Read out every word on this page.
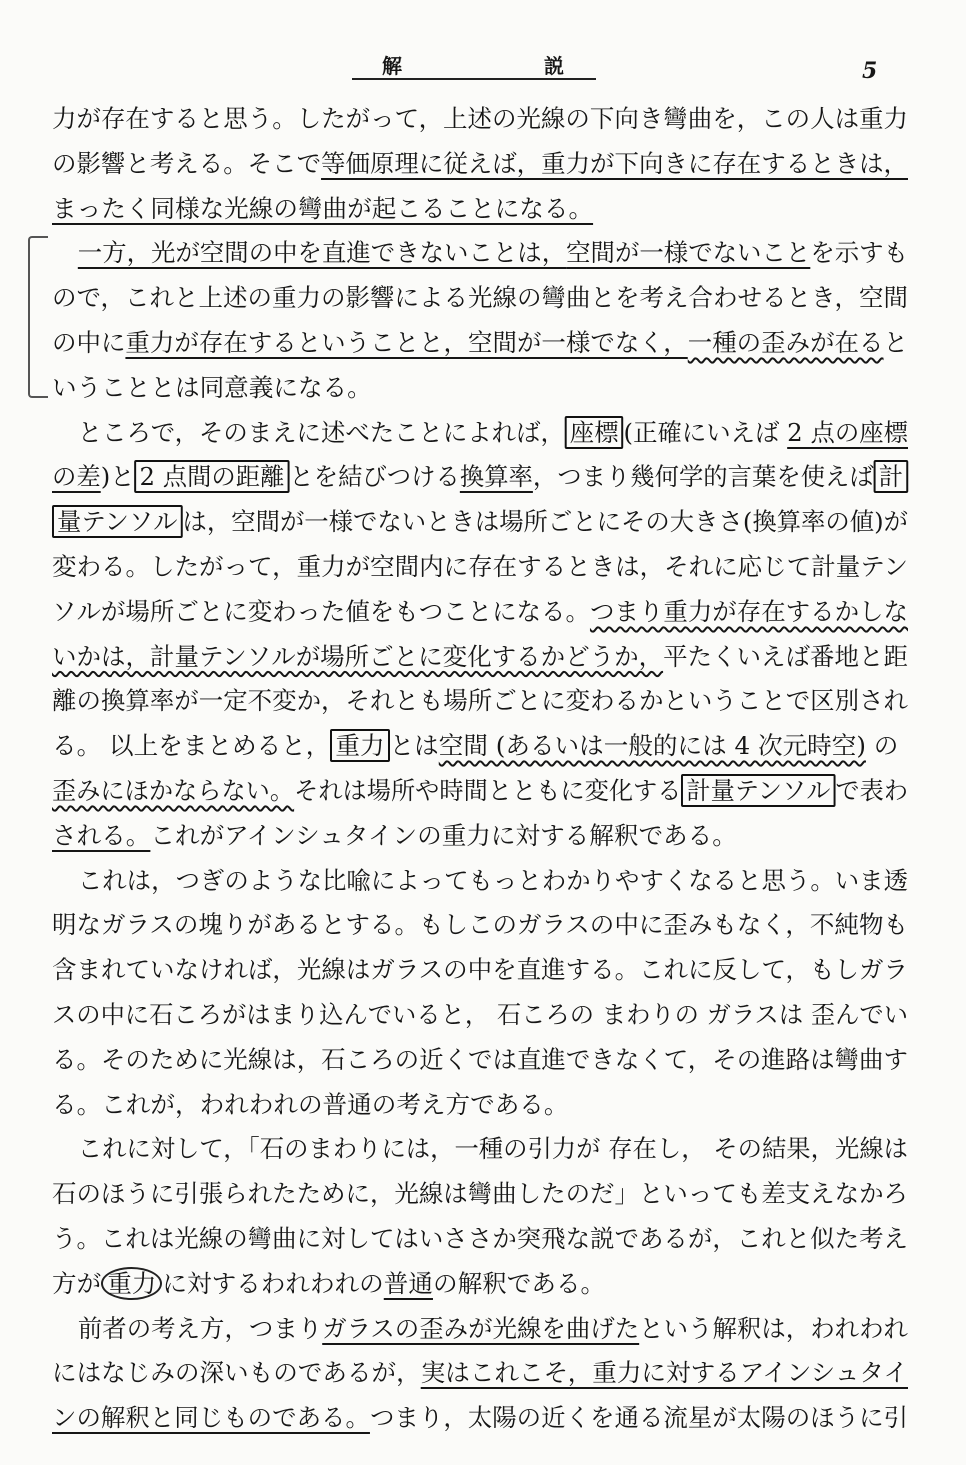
解	説	5
力が存在すると思う。したがって，上述の光線の下向き彎曲を，この人は重力
の影響と考える。そこで等価原理に従えば，重力が下向きに存在するときは，
まったく同様な光線の彎曲が起こることになる。
一方，光が空間の中を直進できないことは，空間が一様でないことを示すも
ので，これと上述の重力の影響による光線の彎曲とを考え合わせるとき，空間
の中に重力が存在するということと，空間が一様でなく，一種の歪みが在ると
いうこととは同意義になる。
ところで，そのまえに述べたことによれば， 座標 (正確にいえば 2 点の座標
の差)と 2 点間の距離 とを結びつける換算率，つまり幾何学的言葉を使えば 計
量テンソル は，空間が一様でないときは場所ごとにその大きさ(換算率の値)が
変わる。したがって，重力が空間内に存在するときは，それに応じて計量テン
ソルが場所ごとに変わった値をもつことになる。つまり重力が存在するかしな
いかは，計量テンソルが場所ごとに変化するかどうか，平たくいえば番地と距
離の換算率が一定不変か，それとも場所ごとに変わるかということで区別され
る。 以上をまとめると， 重力 とは空間 (あるいは一般的には 4 次元時空) の
歪みにほかならない。それは場所や時間とともに変化する 計量テンソル で表わ
される。これがアインシュタインの重力に対する解釈である。
これは，つぎのような比喩によってもっとわかりやすくなると思う。いま透
明なガラスの塊りがあるとする。もしこのガラスの中に歪みもなく，不純物も
含まれていなければ，光線はガラスの中を直進する。これに反して，もしガラ
スの中に石ころがはまり込んでいると， 石ころの まわりの ガラスは 歪んでい
る。そのために光線は，石ころの近くでは直進できなくて，その進路は彎曲す
る。これが，われわれの普通の考え方である。
これに対して，「石のまわりには，一種の引力が 存在し， その結果，光線は
石のほうに引張られたために，光線は彎曲したのだ」といっても差支えなかろ
う。これは光線の彎曲に対してはいささか突飛な説であるが，これと似た考え
方が 重力 に対するわれわれの普通の解釈である。
前者の考え方，つまりガラスの歪みが光線を曲げたという解釈は，われわれ
にはなじみの深いものであるが，実はこれこそ，重力に対するアインシュタイ
ンの解釈と同じものである。つまり，太陽の近くを通る流星が太陽のほうに引
